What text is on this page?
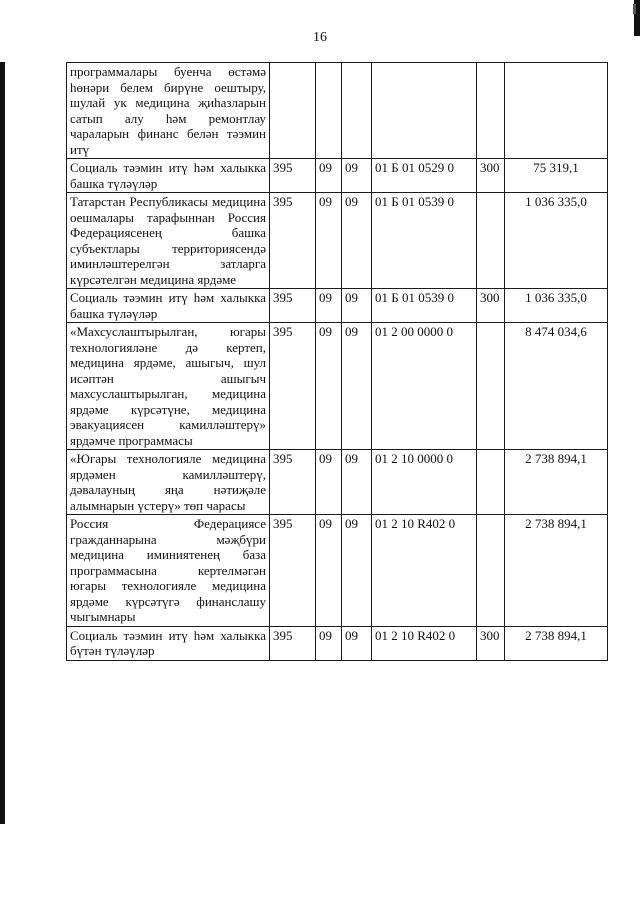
16
программалары буенча өстәмә һөнәри белем бирүне оештыру, шулай ук медицина җиһазларын сатып алу һәм ремонтлау чараларын финанс белән тәэмин итү						
Социаль тәэмин итү һәм халыкка башка түләүләр	395	09	09	01 Б 01 0529 0	300	75 319,1
Татарстан Республикасы медицина оешмалары тарафыннан Россия Федерациясенең башка субъектлары территориясендә иминләштерелгән затларга күрсәтелгән медицина ярдәме	395	09	09	01 Б 01 0539 0		1 036 335,0
Социаль тәэмин итү һәм халыкка башка түләүләр	395	09	09	01 Б 01 0539 0	300	1 036 335,0
«Махсуслаштырылган, югары технологияләне дә кертеп, медицина ярдәме, ашыгыч, шул исәптән ашыгыч махсуслаштырылган, медицина ярдәме күрсәтүне, медицина эвакуациясен камилләштерү» ярдәмче программасы	395	09	09	01 2 00 0000 0		8 474 034,6
«Югары технологияле медицина ярдәмен камилләштерү, дәвалауның яңа нәтиҗәле алымнарын үстерү» төп чарасы	395	09	09	01 2 10 0000 0		2 738 894,1
Россия Федерациясе гражданнарына мәҗбүри медицина иминиятенең база программасына кертелмәгән югары технологияле медицина ярдәме күрсәтүгә финанслашу чыгымнары	395	09	09	01 2 10 R402 0		2 738 894,1
Социаль тәэмин итү һәм халыкка бүтән түләүләр	395	09	09	01 2 10 R402 0	300	2 738 894,1
